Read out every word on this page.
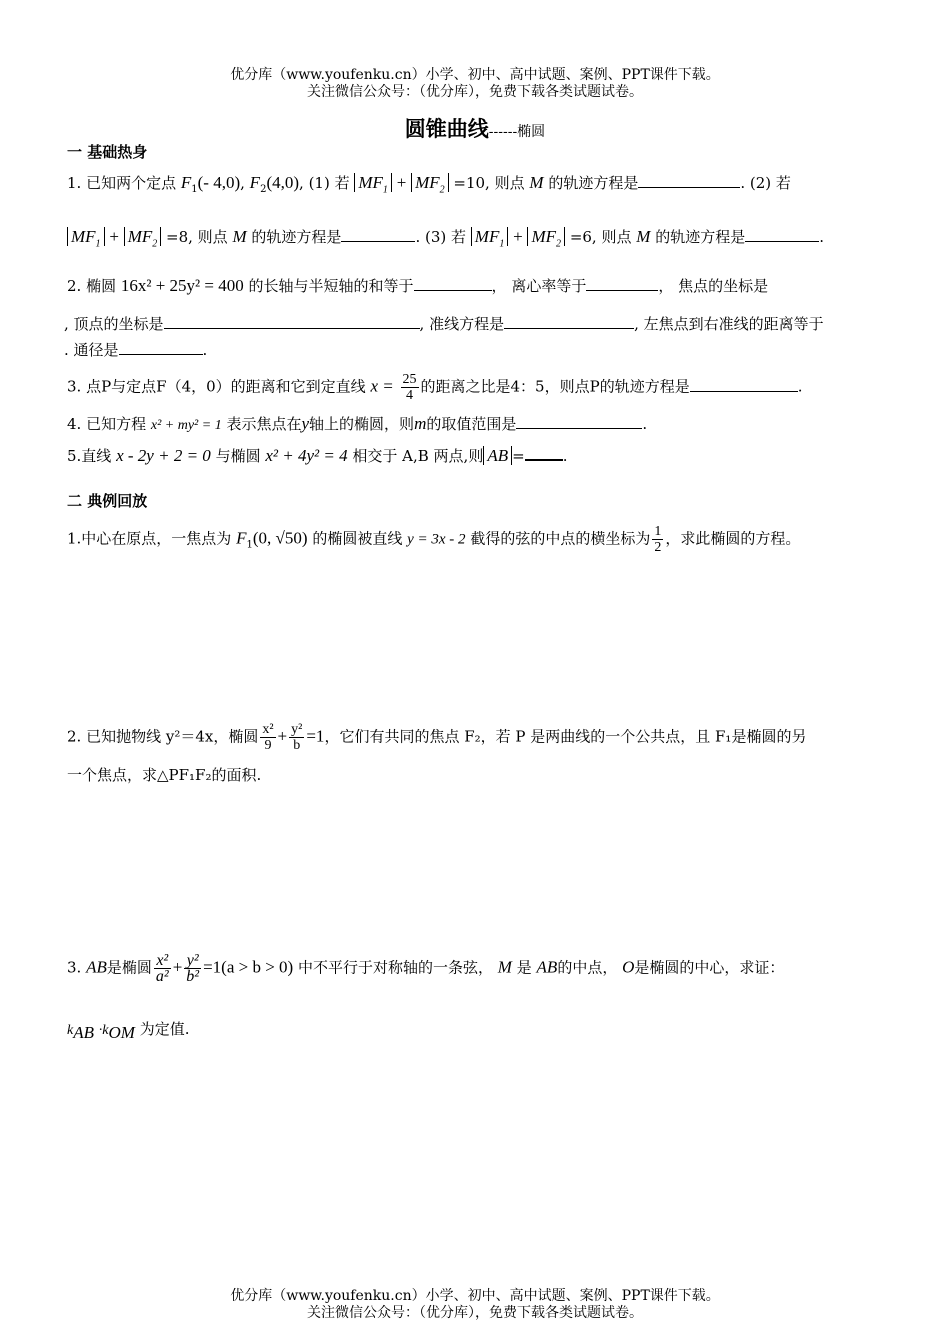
优分库（www.youfenku.cn）小学、初中、高中试题、案例、PPT课件下载。
关注微信公众号：（优分库），免费下载各类试题试卷。
圆锥曲线------椭圆
一 基础热身
1. 已知两个定点 $F_1(-$ 4,0), $F_2(4,0)$, (1) 若 $MF_1 + MF_2 =10$, 则点 M 的轨迹方程是	. (2) 若
$MF_1 + MF_2 =8$, 则点 M 的轨迹方程是	. (3) 若 $MF_1 + MF_2 =6$, 则点 M 的轨迹方程是	.
2. 椭圆 16x² + 25y² = 400 的长轴与半短轴的和等于	， 离心率等于	， 焦点的坐标是
, 顶点的坐标是	, 准线方程是	, 左焦点到右准线的距离等于
. 通径是	.
3. 点P与定点F（4，0）的距离和它到定直线 $x = \frac{25}{4}$ 的距离之比是4：5，则点P的轨迹方程是	.
4. 已知方程 x² + my² = 1 表示焦点在y轴上的椭圆，则m的取值范围是	.
5.直线 x - 2y + 2 = 0 与椭圆 x² + 4y² = 4 相交于 A,B 两点,则 AB =	.
二 典例回放
1.中心在原点，一焦点为 $F_1(0$, √50) 的椭圆被直线 y = 3x - 2 截得的弦的中点的横坐标为 $\frac{1}{2}$ ，求此椭圆的方程。
2. 已知抛物线 y²＝4x，椭圆 $\frac{\text{x²}}{9} + \frac{\text{y²}}{b} =1$，它们有共同的焦点 F₂，若 P 是两曲线的一个公共点，且 F₁是椭圆的另
一个焦点，求△PF₁F₂的面积.
3. AB是椭圆 $\frac{\text{x²}}{\text{a²}} + \frac{\text{y²}}{\text{b²}} =1(a > b > 0)$ 中不平行于对称轴的一条弦， M 是 AB的中点， O是椭圆的中心，求证：
$k_{AB} \cdot k_{OM}$ 为定值.
优分库（www.youfenku.cn）小学、初中、高中试题、案例、PPT课件下载。
关注微信公众号：（优分库），免费下载各类试题试卷。
